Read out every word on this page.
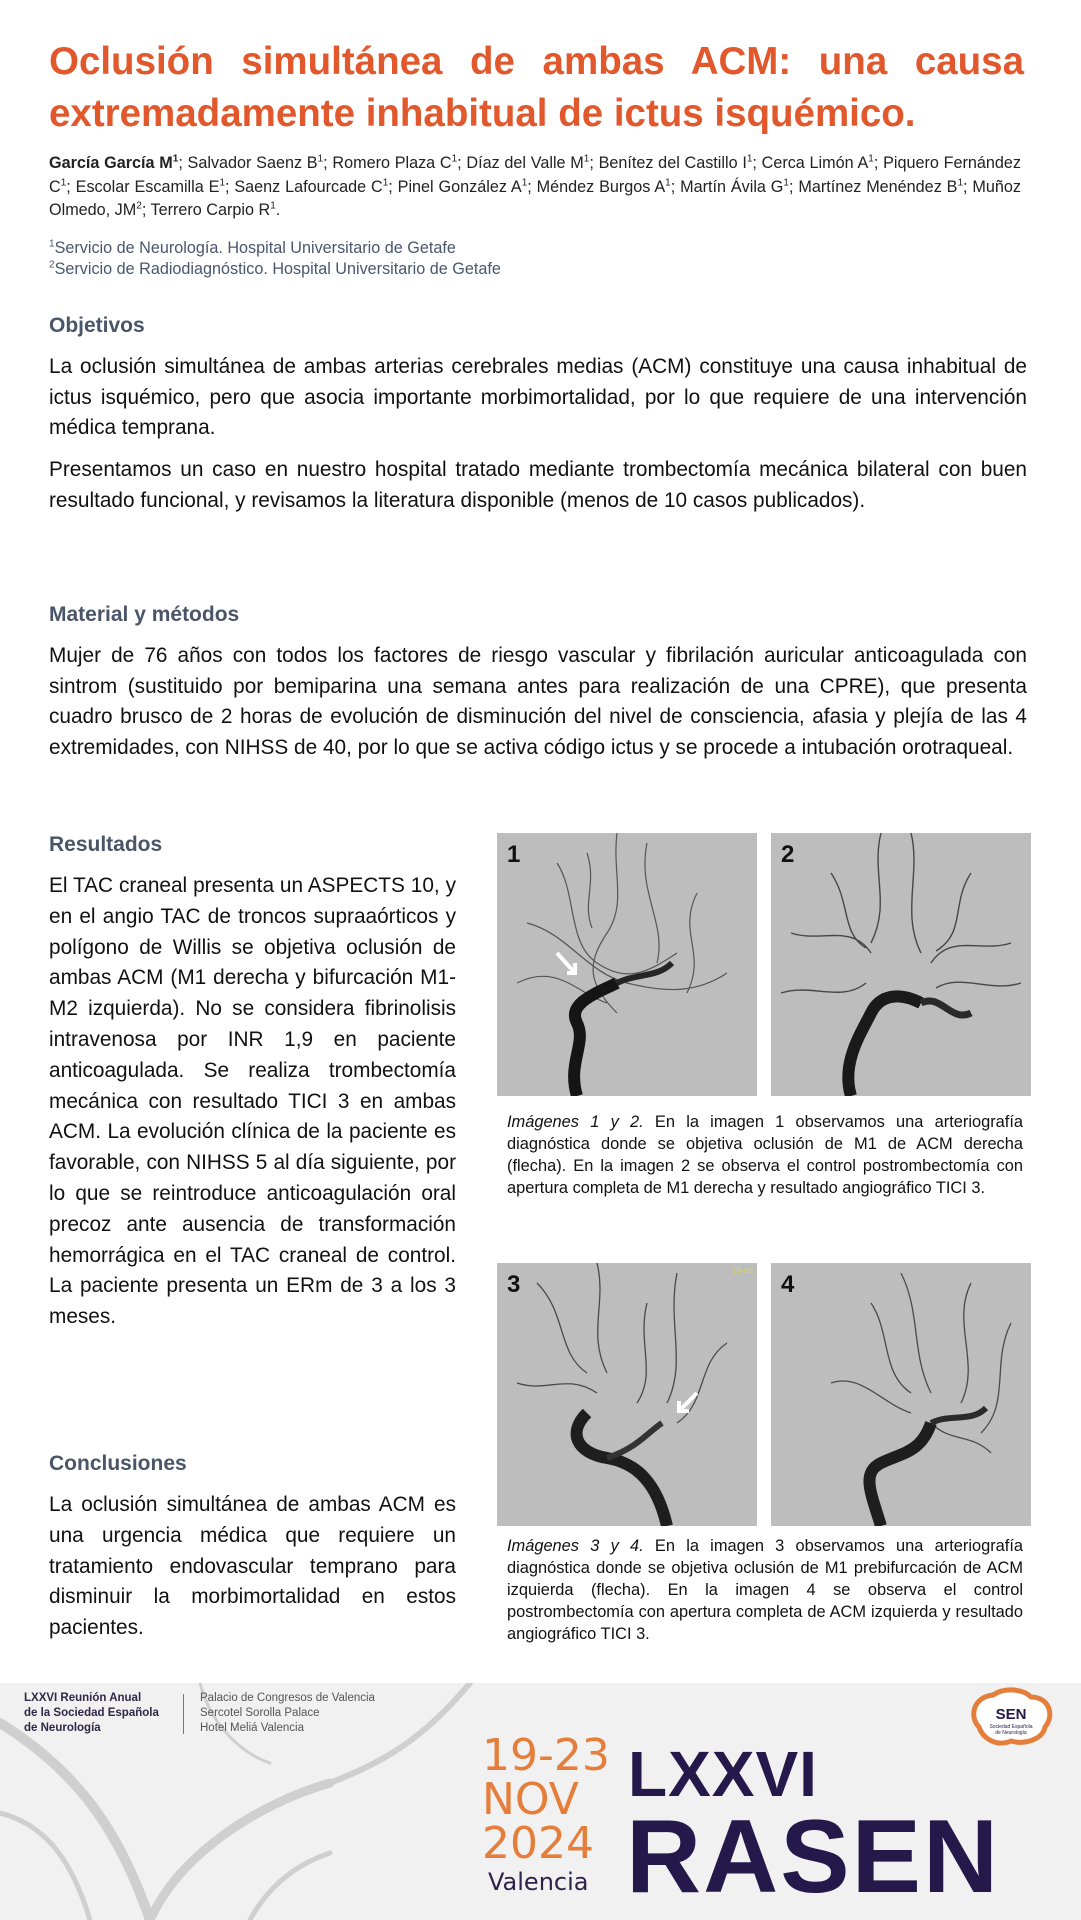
Oclusión simultánea de ambas ACM: una causa extremadamente inhabitual de ictus isquémico.
García García $M^1$; Salvador Saenz $B^1$; Romero Plaza $C^1$; Díaz del Valle $M^1$; Benítez del Castillo $I^1$; Cerca Limón $A^1$; Piquero Fernández $C^1$; Escolar Escamilla $E^1$; Saenz Lafourcade $C^1$; Pinel González $A^1$; Méndez Burgos $A^1$; Martín Ávila $G^1$; Martínez Menéndez $B^1$; Muñoz Olmedo, $JM^2$; Terrero Carpio $R^1$.
$^1$Servicio de Neurología. Hospital Universitario de Getafe
$^2$Servicio de Radiodiagnóstico. Hospital Universitario de Getafe
Objetivos

La oclusión simultánea de ambas arterias cerebrales medias (ACM) constituye una causa inhabitual de ictus isquémico, pero que asocia importante morbimortalidad, por lo que requiere de una intervención médica temprana.

Presentamos un caso en nuestro hospital tratado mediante trombectomía mecánica bilateral con buen resultado funcional, y revisamos la literatura disponible (menos de 10 casos publicados).

Material y métodos

Mujer de 76 años con todos los factores de riesgo vascular y fibrilación auricular anticoagulada con sintrom (sustituido por bemiparina una semana antes para realización de una CPRE), que presenta cuadro brusco de 2 horas de evolución de disminución del nivel de consciencia, afasia y plejía de las 4 extremidades, con NIHSS de 40, por lo que se activa código ictus y se procede a intubación orotraqueal.

Resultados

El TAC craneal presenta un ASPECTS 10, y en el angio TAC de troncos supraaórticos y polígono de Willis se objetiva oclusión de ambas ACM (M1 derecha y bifurcación M1-M2 izquierda). No se considera fibrinolisis intravenosa por INR 1,9 en paciente anticoagulada. Se realiza trombectomía mecánica con resultado TICI 3 en ambas ACM. La evolución clínica de la paciente es favorable, con NIHSS 5 al día siguiente, por lo que se reintroduce anticoagulación oral precoz ante ausencia de transformación hemorrágica en el TAC craneal de control. La paciente presenta un ERm de 3 a los 3 meses.

Conclusiones

La oclusión simultánea de ambas ACM es una urgencia médica que requiere un tratamiento endovascular temprano para disminuir la morbimortalidad en estos pacientes.

1	2

Imágenes 1 y 2. En la imagen 1 observamos una arteriografía diagnóstica donde se objetiva oclusión de M1 de ACM derecha (flecha). En la imagen 2 se observa el control postrombectomía con apertura completa de M1 derecha y resultado angiográfico TICI 3.

3
15-no.
4

Imágenes 3 y 4. En la imagen 3 observamos una arteriografía diagnóstica donde se objetiva oclusión de M1 prebifurcación de ACM izquierda (flecha). En la imagen 4 se observa el control postrombectomía con apertura completa de ACM izquierda y resultado angiográfico TICI 3.

LXXVI Reunión Anual
de la Sociedad Española
de Neurología
Palacio de Congresos de Valencia
Sercotel Sorolla Palace
Hotel Meliá Valencia
19-23
NOV
2024
Valencia
LXXVI
RASEN
SEN
Sociedad Española
de Neurología
